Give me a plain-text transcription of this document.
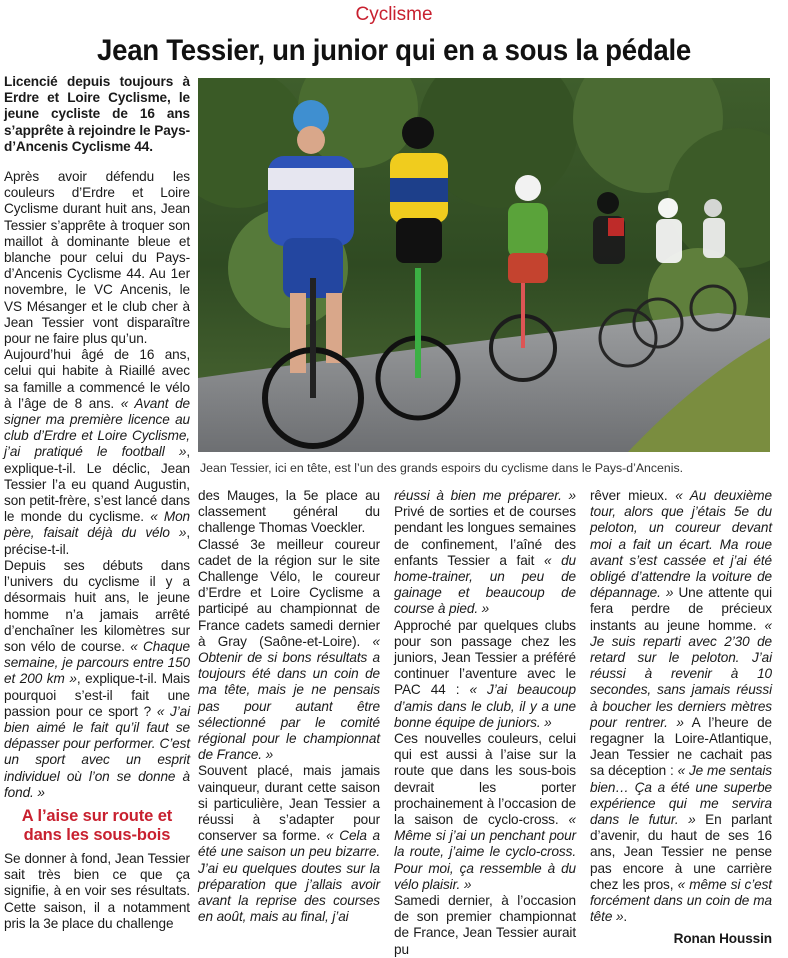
Cyclisme
Jean Tessier, un junior qui en a sous la pédale
Jean Tessier, ici en tête, est l’un des grands espoirs du cyclisme dans le Pays-d’Ancenis.

Licencié depuis toujours à Erdre et Loire Cyclisme, le jeune cycliste de 16 ans s’apprête à rejoindre le Pays-d’Ancenis Cyclisme 44.

Après avoir défendu les couleurs d’Erdre et Loire Cyclisme durant huit ans, Jean Tessier s’apprête à troquer son maillot à dominante bleue et blanche pour celui du Pays-d’Ancenis Cyclisme 44. Au 1er novembre, le VC Ancenis, le VS Mésanger et le club cher à Jean Tessier vont disparaître pour ne faire plus qu’un.

Aujourd’hui âgé de 16 ans, celui qui habite à Riaillé avec sa famille a commencé le vélo à l’âge de 8 ans. « Avant de signer ma première licence au club d’Erdre et Loire Cyclisme, j’ai pratiqué le football », explique-t-il. Le déclic, Jean Tessier l’a eu quand Augustin, son petit-frère, s’est lancé dans le monde du cyclisme. « Mon père, faisait déjà du vélo », précise-t-il.

Depuis ses débuts dans l’univers du cyclisme il y a désormais huit ans, le jeune homme n’a jamais arrêté d’enchaîner les kilomètres sur son vélo de course. « Chaque semaine, je parcours entre 150 et 200 km », explique-t-il. Mais pourquoi s’est-il fait une passion pour ce sport ? « J’ai bien aimé le fait qu’il faut se dépasser pour performer. C’est un sport avec un esprit individuel où l’on se donne à fond. »

A l’aise sur route et dans les sous-bois

Se donner à fond, Jean Tessier sait très bien ce que ça signifie, à en voir ses résultats. Cette saison, il a notamment pris la 3e place du challenge

des Mauges, la 5e place au classement général du challenge Thomas Voeckler.

Classé 3e meilleur coureur cadet de la région sur le site Challenge Vélo, le coureur d’Erdre et Loire Cyclisme a participé au championnat de France cadets samedi dernier à Gray (Saône-et-Loire). « Obtenir de si bons résultats a toujours été dans un coin de ma tête, mais je ne pensais pas pour autant être sélectionné par le comité régional pour le championnat de France. »

Souvent placé, mais jamais vainqueur, durant cette saison si particulière, Jean Tessier a réussi à s’adapter pour conserver sa forme. « Cela a été une saison un peu bizarre. J’ai eu quelques doutes sur la préparation que j’allais avoir avant la reprise des courses en août, mais au final, j’ai

réussi à bien me préparer. » Privé de sorties et de courses pendant les longues semaines de confinement, l’aîné des enfants Tessier a fait « du home-trainer, un peu de gainage et beaucoup de course à pied. »

Approché par quelques clubs pour son passage chez les juniors, Jean Tessier a préféré continuer l’aventure avec le PAC 44 : « J’ai beaucoup d’amis dans le club, il y a une bonne équipe de juniors. »

Ces nouvelles couleurs, celui qui est aussi à l’aise sur la route que dans les sous-bois devrait les porter prochainement à l’occasion de la saison de cyclo-cross. « Même si j’ai un penchant pour la route, j’aime le cyclo-cross. Pour moi, ça ressemble à du vélo plaisir. »

Samedi dernier, à l’occasion de son premier championnat de France, Jean Tessier aurait pu

rêver mieux. « Au deuxième tour, alors que j’étais 5e du peloton, un coureur devant moi a fait un écart. Ma roue avant s’est cassée et j’ai été obligé d’attendre la voiture de dépannage. » Une attente qui fera perdre de précieux instants au jeune homme. « Je suis reparti avec 2’30 de retard sur le peloton. J’ai réussi à revenir à 10 secondes, sans jamais réussi à boucher les derniers mètres pour rentrer. » A l’heure de regagner la Loire-Atlantique, Jean Tessier ne cachait pas sa déception : « Je me sentais bien… Ça a été une superbe expérience qui me servira dans le futur. » En parlant d’avenir, du haut de ses 16 ans, Jean Tessier ne pense pas encore à une carrière chez les pros, « même si c’est forcément dans un coin de ma tête ».

Ronan Houssin
